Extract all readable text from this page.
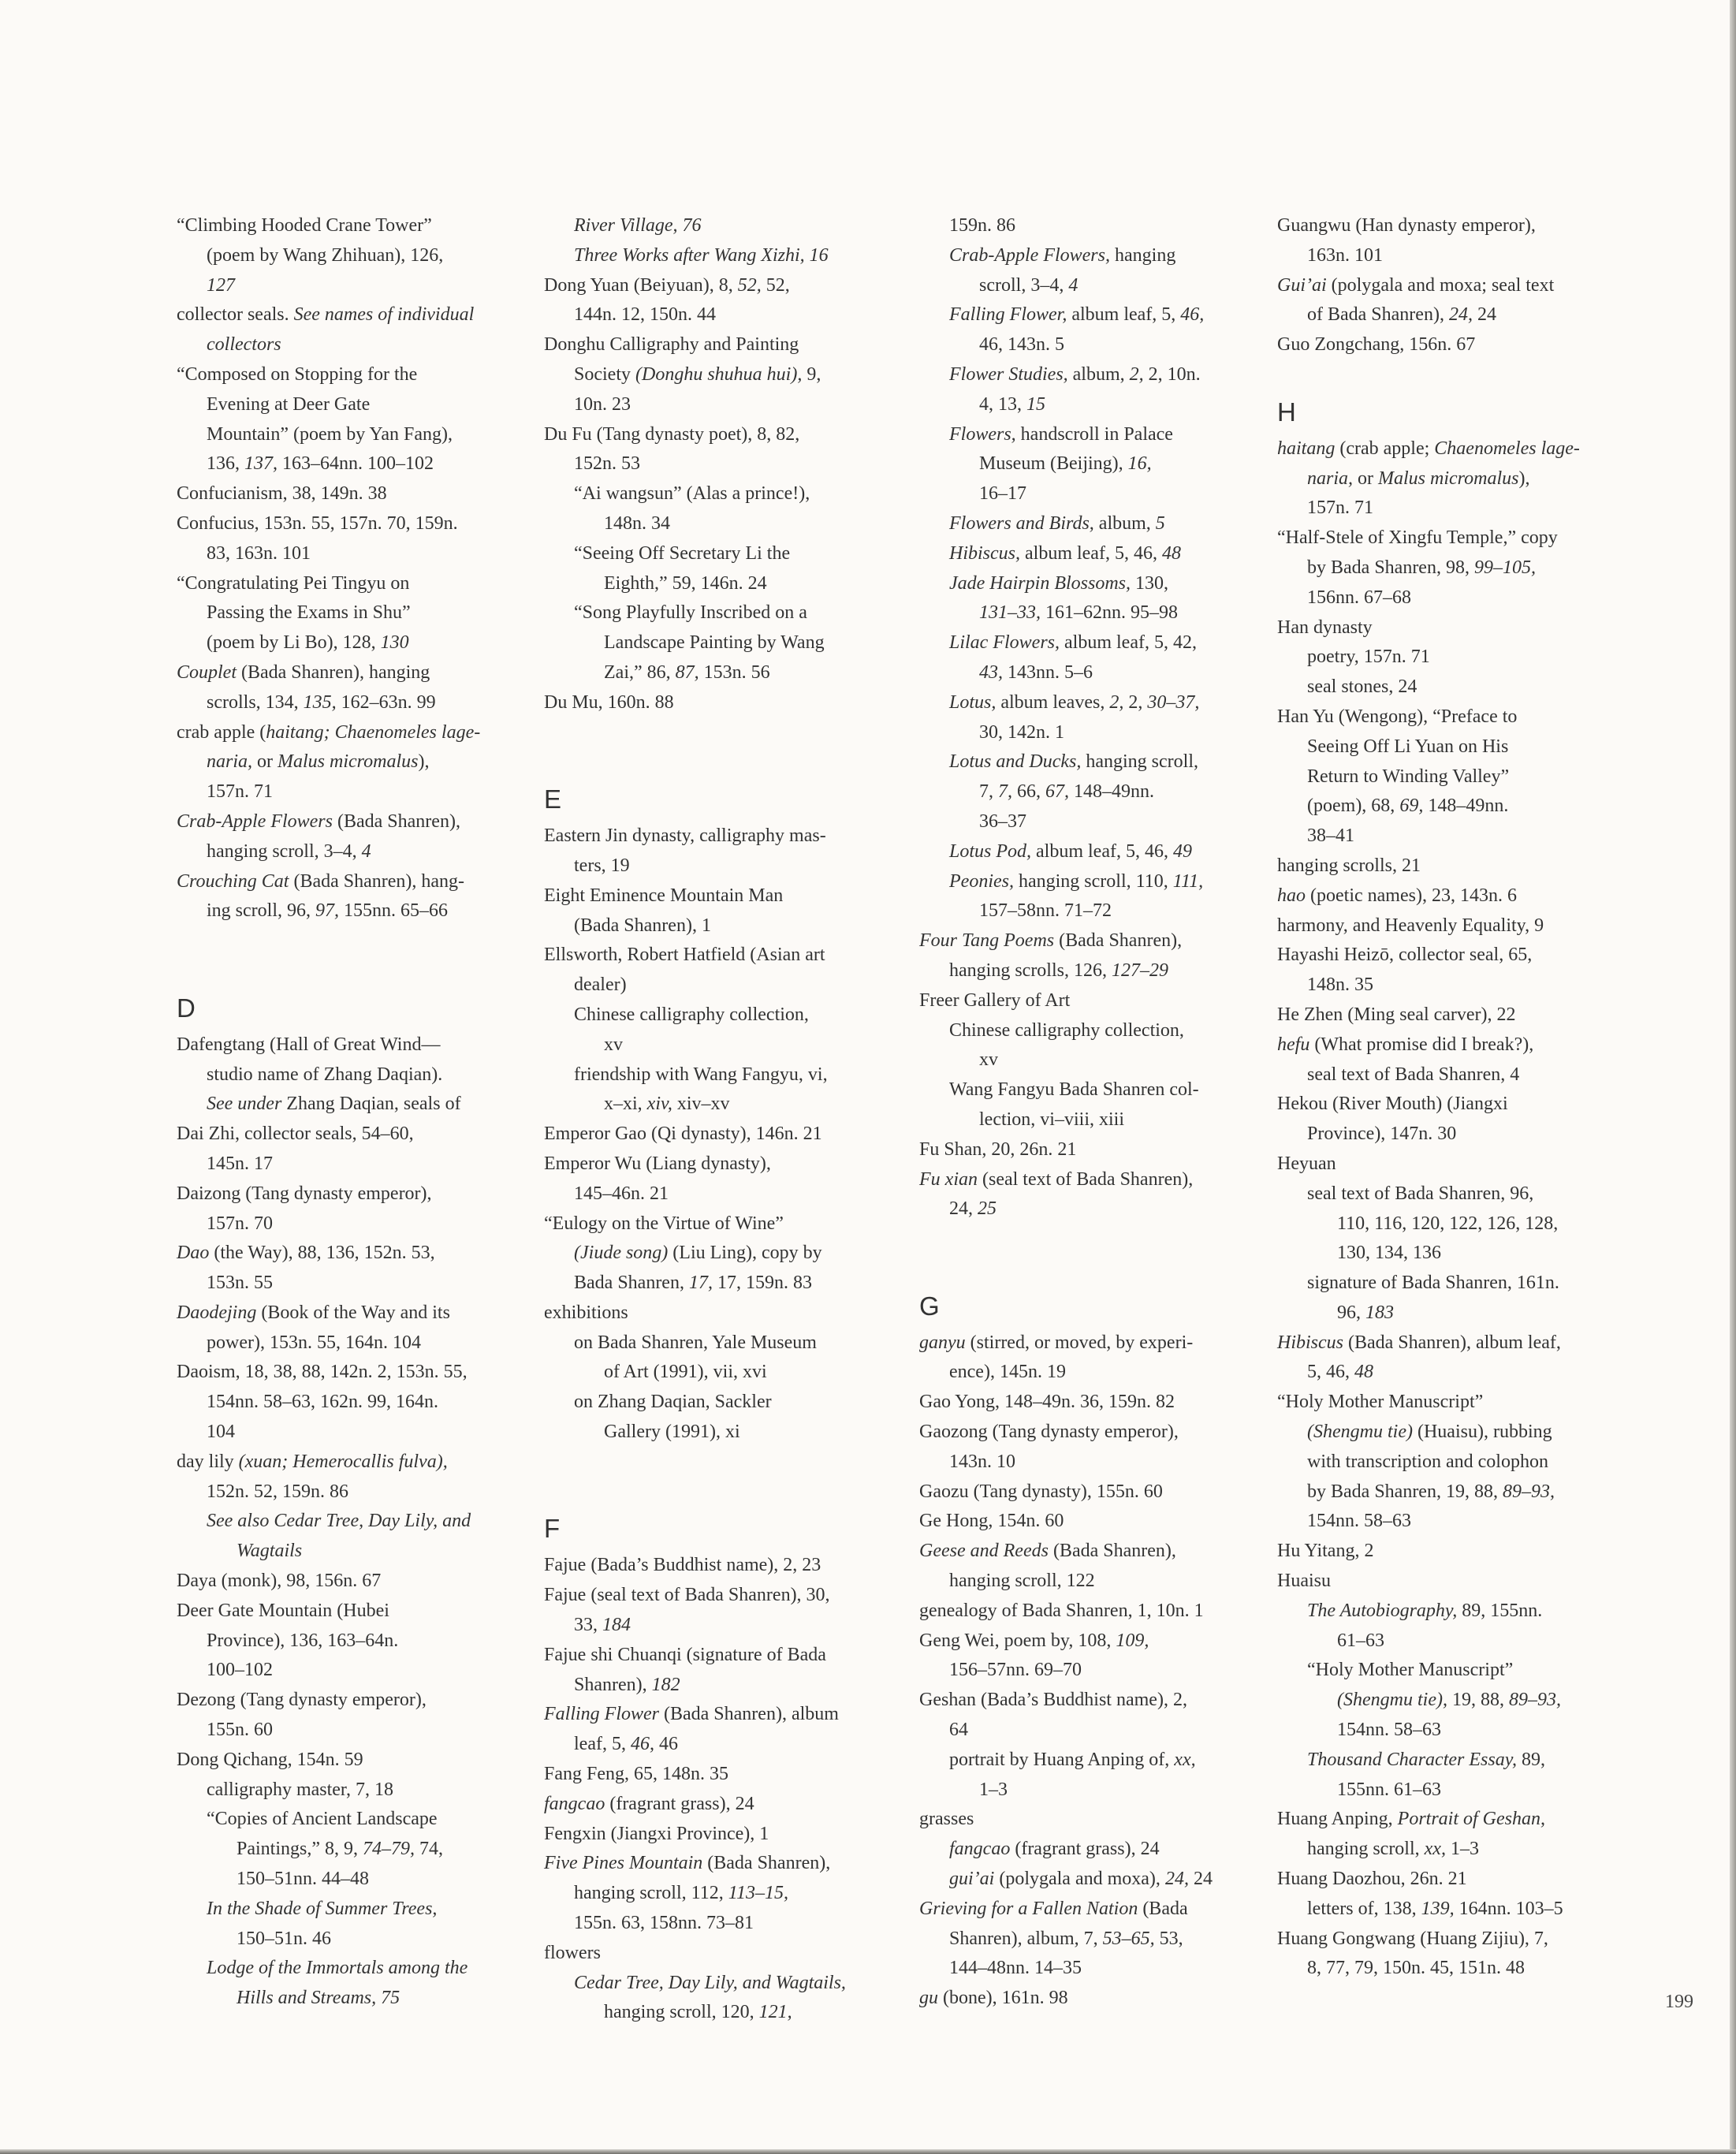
“Climbing Hooded Crane Tower”
(poem by Wang Zhihuan), 126,
127
collector seals. See names of individual
collectors
“Composed on Stopping for the
Evening at Deer Gate
Mountain” (poem by Yan Fang),
136, 137, 163–64nn. 100–102
Confucianism, 38, 149n. 38
Confucius, 153n. 55, 157n. 70, 159n.
83, 163n. 101
“Congratulating Pei Tingyu on
Passing the Exams in Shu”
(poem by Li Bo), 128, 130
Couplet (Bada Shanren), hanging
scrolls, 134, 135, 162–63n. 99
crab apple (haitang; Chaenomeles lage-
naria, or Malus micromalus),
157n. 71
Crab-Apple Flowers (Bada Shanren),
hanging scroll, 3–4, 4
Crouching Cat (Bada Shanren), hang-
ing scroll, 96, 97, 155nn. 65–66
D
Dafengtang (Hall of Great Wind—
studio name of Zhang Daqian).
See under Zhang Daqian, seals of
Dai Zhi, collector seals, 54–60,
145n. 17
Daizong (Tang dynasty emperor),
157n. 70
Dao (the Way), 88, 136, 152n. 53,
153n. 55
Daodejing (Book of the Way and its
power), 153n. 55, 164n. 104
Daoism, 18, 38, 88, 142n. 2, 153n. 55,
154nn. 58–63, 162n. 99, 164n.
104
day lily (xuan; Hemerocallis fulva),
152n. 52, 159n. 86
See also Cedar Tree, Day Lily, and
Wagtails
Daya (monk), 98, 156n. 67
Deer Gate Mountain (Hubei
Province), 136, 163–64n.
100–102
Dezong (Tang dynasty emperor),
155n. 60
Dong Qichang, 154n. 59
calligraphy master, 7, 18
“Copies of Ancient Landscape
Paintings,” 8, 9, 74–79, 74,
150–51nn. 44–48
In the Shade of Summer Trees,
150–51n. 46
Lodge of the Immortals among the
Hills and Streams, 75
River Village, 76
Three Works after Wang Xizhi, 16
Dong Yuan (Beiyuan), 8, 52, 52,
144n. 12, 150n. 44
Donghu Calligraphy and Painting
Society (Donghu shuhua hui), 9,
10n. 23
Du Fu (Tang dynasty poet), 8, 82,
152n. 53
“Ai wangsun” (Alas a prince!),
148n. 34
“Seeing Off Secretary Li the
Eighth,” 59, 146n. 24
“Song Playfully Inscribed on a
Landscape Painting by Wang
Zai,” 86, 87, 153n. 56
Du Mu, 160n. 88
E
Eastern Jin dynasty, calligraphy mas-
ters, 19
Eight Eminence Mountain Man
(Bada Shanren), 1
Ellsworth, Robert Hatfield (Asian art
dealer)
Chinese calligraphy collection,
xv
friendship with Wang Fangyu, vi,
x–xi, xiv, xiv–xv
Emperor Gao (Qi dynasty), 146n. 21
Emperor Wu (Liang dynasty),
145–46n. 21
“Eulogy on the Virtue of Wine”
(Jiude song) (Liu Ling), copy by
Bada Shanren, 17, 17, 159n. 83
exhibitions
on Bada Shanren, Yale Museum
of Art (1991), vii, xvi
on Zhang Daqian, Sackler
Gallery (1991), xi
F
Fajue (Bada’s Buddhist name), 2, 23
Fajue (seal text of Bada Shanren), 30,
33, 184
Fajue shi Chuanqi (signature of Bada
Shanren), 182
Falling Flower (Bada Shanren), album
leaf, 5, 46, 46
Fang Feng, 65, 148n. 35
fangcao (fragrant grass), 24
Fengxin (Jiangxi Province), 1
Five Pines Mountain (Bada Shanren),
hanging scroll, 112, 113–15,
155n. 63, 158nn. 73–81
flowers
Cedar Tree, Day Lily, and Wagtails,
hanging scroll, 120, 121,
159n. 86
Crab-Apple Flowers, hanging
scroll, 3–4, 4
Falling Flower, album leaf, 5, 46,
46, 143n. 5
Flower Studies, album, 2, 2, 10n.
4, 13, 15
Flowers, handscroll in Palace
Museum (Beijing), 16,
16–17
Flowers and Birds, album, 5
Hibiscus, album leaf, 5, 46, 48
Jade Hairpin Blossoms, 130,
131–33, 161–62nn. 95–98
Lilac Flowers, album leaf, 5, 42,
43, 143nn. 5–6
Lotus, album leaves, 2, 2, 30–37,
30, 142n. 1
Lotus and Ducks, hanging scroll,
7, 7, 66, 67, 148–49nn.
36–37
Lotus Pod, album leaf, 5, 46, 49
Peonies, hanging scroll, 110, 111,
157–58nn. 71–72
Four Tang Poems (Bada Shanren),
hanging scrolls, 126, 127–29
Freer Gallery of Art
Chinese calligraphy collection,
xv
Wang Fangyu Bada Shanren col-
lection, vi–viii, xiii
Fu Shan, 20, 26n. 21
Fu xian (seal text of Bada Shanren),
24, 25
G
ganyu (stirred, or moved, by experi-
ence), 145n. 19
Gao Yong, 148–49n. 36, 159n. 82
Gaozong (Tang dynasty emperor),
143n. 10
Gaozu (Tang dynasty), 155n. 60
Ge Hong, 154n. 60
Geese and Reeds (Bada Shanren),
hanging scroll, 122
genealogy of Bada Shanren, 1, 10n. 1
Geng Wei, poem by, 108, 109,
156–57nn. 69–70
Geshan (Bada’s Buddhist name), 2,
64
portrait by Huang Anping of, xx,
1–3
grasses
fangcao (fragrant grass), 24
gui’ai (polygala and moxa), 24, 24
Grieving for a Fallen Nation (Bada
Shanren), album, 7, 53–65, 53,
144–48nn. 14–35
gu (bone), 161n. 98
Guangwu (Han dynasty emperor),
163n. 101
Gui’ai (polygala and moxa; seal text
of Bada Shanren), 24, 24
Guo Zongchang, 156n. 67
H
haitang (crab apple; Chaenomeles lage-
naria, or Malus micromalus),
157n. 71
“Half-Stele of Xingfu Temple,” copy
by Bada Shanren, 98, 99–105,
156nn. 67–68
Han dynasty
poetry, 157n. 71
seal stones, 24
Han Yu (Wengong), “Preface to
Seeing Off Li Yuan on His
Return to Winding Valley”
(poem), 68, 69, 148–49nn.
38–41
hanging scrolls, 21
hao (poetic names), 23, 143n. 6
harmony, and Heavenly Equality, 9
Hayashi Heizō, collector seal, 65,
148n. 35
He Zhen (Ming seal carver), 22
hefu (What promise did I break?),
seal text of Bada Shanren, 4
Hekou (River Mouth) (Jiangxi
Province), 147n. 30
Heyuan
seal text of Bada Shanren, 96,
110, 116, 120, 122, 126, 128,
130, 134, 136
signature of Bada Shanren, 161n.
96, 183
Hibiscus (Bada Shanren), album leaf,
5, 46, 48
“Holy Mother Manuscript”
(Shengmu tie) (Huaisu), rubbing
with transcription and colophon
by Bada Shanren, 19, 88, 89–93,
154nn. 58–63
Hu Yitang, 2
Huaisu
The Autobiography, 89, 155nn.
61–63
“Holy Mother Manuscript”
(Shengmu tie), 19, 88, 89–93,
154nn. 58–63
Thousand Character Essay, 89,
155nn. 61–63
Huang Anping, Portrait of Geshan,
hanging scroll, xx, 1–3
Huang Daozhou, 26n. 21
letters of, 138, 139, 164nn. 103–5
Huang Gongwang (Huang Zijiu), 7,
8, 77, 79, 150n. 45, 151n. 48
199
